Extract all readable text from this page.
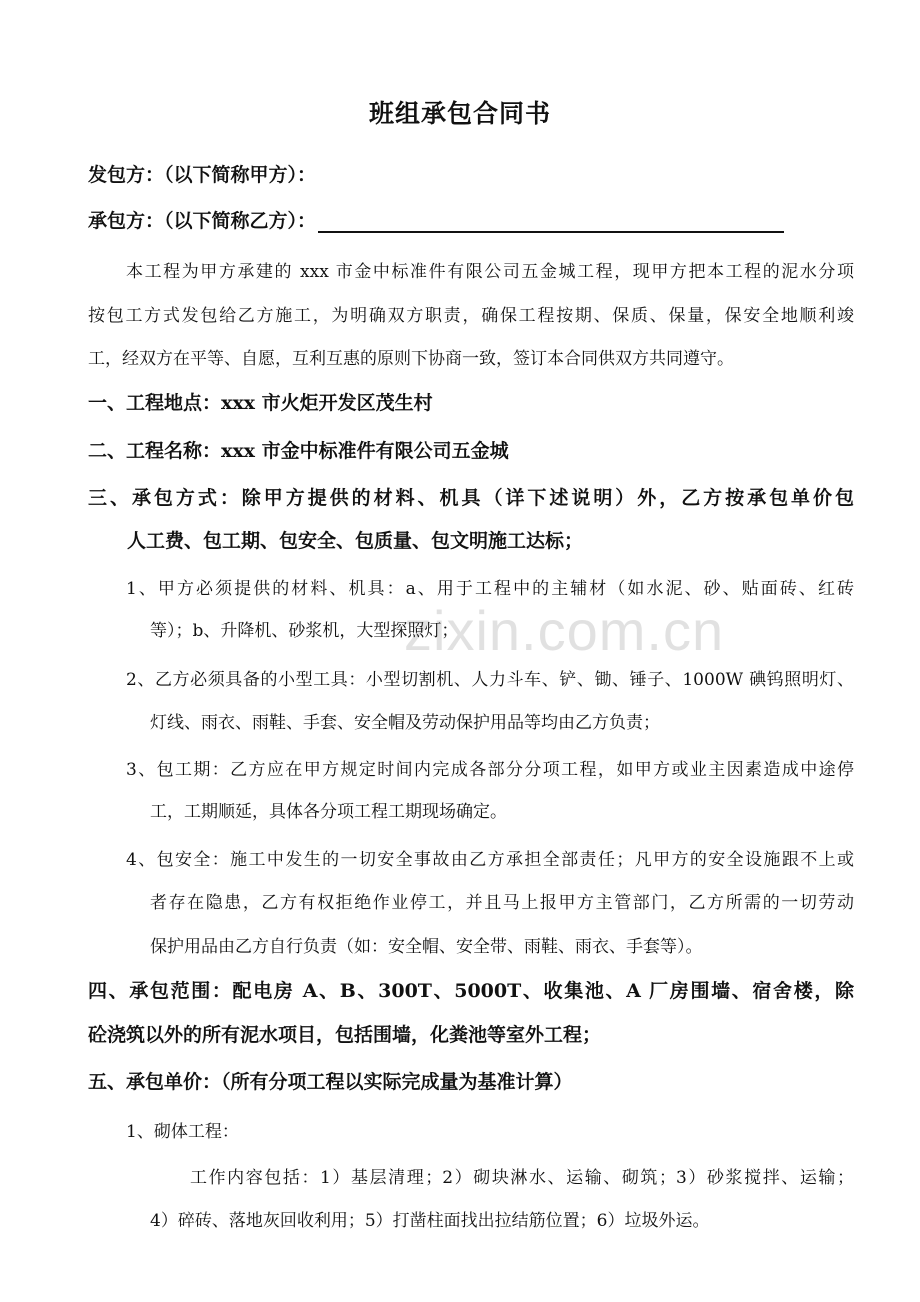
zixin.com.cn
班组承包合同书
发包方：（以下简称甲方）：
承包方：（以下简称乙方）：
本工程为甲方承建的 xxx 市金中标准件有限公司五金城工程，现甲方把本工程的泥水分项
按包工方式发包给乙方施工，为明确双方职责，确保工程按期、保质、保量，保安全地顺利竣
工，经双方在平等、自愿，互利互惠的原则下协商一致，签订本合同供双方共同遵守。
一、工程地点：xxx 市火炬开发区茂生村
二、工程名称：xxx 市金中标准件有限公司五金城
三、承包方式：除甲方提供的材料、机具（详下述说明）外，乙方按承包单价包
人工费、包工期、包安全、包质量、包文明施工达标；
1、甲方必须提供的材料、机具：a、用于工程中的主辅材（如水泥、砂、贴面砖、红砖
等）；b、升降机、砂浆机，大型探照灯；
2、乙方必须具备的小型工具：小型切割机、人力斗车、铲、锄、锤子、1000W 碘钨照明灯、
灯线、雨衣、雨鞋、手套、安全帽及劳动保护用品等均由乙方负责；
3、包工期：乙方应在甲方规定时间内完成各部分分项工程，如甲方或业主因素造成中途停
工，工期顺延，具体各分项工程工期现场确定。
4、包安全：施工中发生的一切安全事故由乙方承担全部责任；凡甲方的安全设施跟不上或
者存在隐患，乙方有权拒绝作业停工，并且马上报甲方主管部门，乙方所需的一切劳动
保护用品由乙方自行负责（如：安全帽、安全带、雨鞋、雨衣、手套等）。
四、承包范围：配电房 A、B、300T、5000T、收集池、A 厂房围墙、宿舍楼，除
砼浇筑以外的所有泥水项目，包括围墙，化粪池等室外工程；
五、承包单价：（所有分项工程以实际完成量为基准计算）
1、砌体工程：
工作内容包括：1）基层清理；2）砌块淋水、运输、砌筑；3）砂浆搅拌、运输；
4）碎砖、落地灰回收利用；5）打凿柱面找出拉结筋位置；6）垃圾外运。
